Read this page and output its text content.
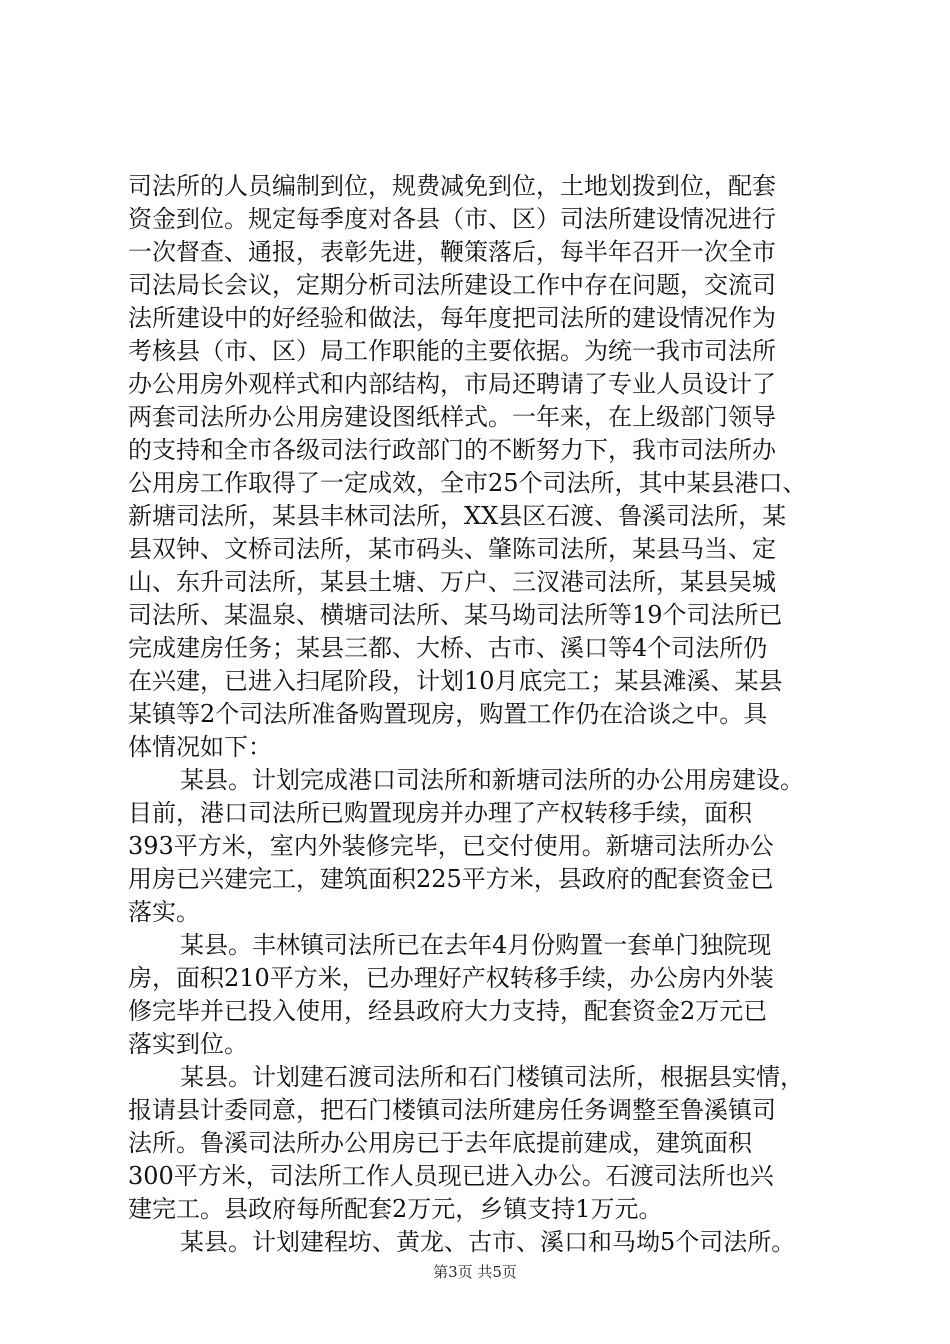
司法所的人员编制到位，规费减免到位，土地划拨到位，配套
资金到位。规定每季度对各县（市、区）司法所建设情况进行
一次督查、通报，表彰先进，鞭策落后，每半年召开一次全市
司法局长会议，定期分析司法所建设工作中存在问题，交流司
法所建设中的好经验和做法，每年度把司法所的建设情况作为
考核县（市、区）局工作职能的主要依据。为统一我市司法所
办公用房外观样式和内部结构，市局还聘请了专业人员设计了
两套司法所办公用房建设图纸样式。一年来，在上级部门领导
的支持和全市各级司法行政部门的不断努力下，我市司法所办
公用房工作取得了一定成效，全市25个司法所，其中某县港口、
新塘司法所，某县丰林司法所，XX县区石渡、鲁溪司法所，某
县双钟、文桥司法所，某市码头、肇陈司法所，某县马当、定
山、东升司法所，某县土塘、万户、三汊港司法所，某县吴城
司法所、某温泉、横塘司法所、某马坳司法所等19个司法所已
完成建房任务；某县三都、大桥、古市、溪口等4个司法所仍
在兴建，已进入扫尾阶段，计划10月底完工；某县滩溪、某县
某镇等2个司法所准备购置现房，购置工作仍在洽谈之中。具
体情况如下：
某县。计划完成港口司法所和新塘司法所的办公用房建设。
目前，港口司法所已购置现房并办理了产权转移手续，面积
393平方米，室内外装修完毕，已交付使用。新塘司法所办公
用房已兴建完工，建筑面积225平方米，县政府的配套资金已
落实。
某县。丰林镇司法所已在去年4月份购置一套单门独院现
房，面积210平方米，已办理好产权转移手续，办公房内外装
修完毕并已投入使用，经县政府大力支持，配套资金2万元已
落实到位。
某县。计划建石渡司法所和石门楼镇司法所，根据县实情，
报请县计委同意，把石门楼镇司法所建房任务调整至鲁溪镇司
法所。鲁溪司法所办公用房已于去年底提前建成，建筑面积
300平方米，司法所工作人员现已进入办公。石渡司法所也兴
建完工。县政府每所配套2万元，乡镇支持1万元。
某县。计划建程坊、黄龙、古市、溪口和马坳5个司法所。
第3页 共5页
